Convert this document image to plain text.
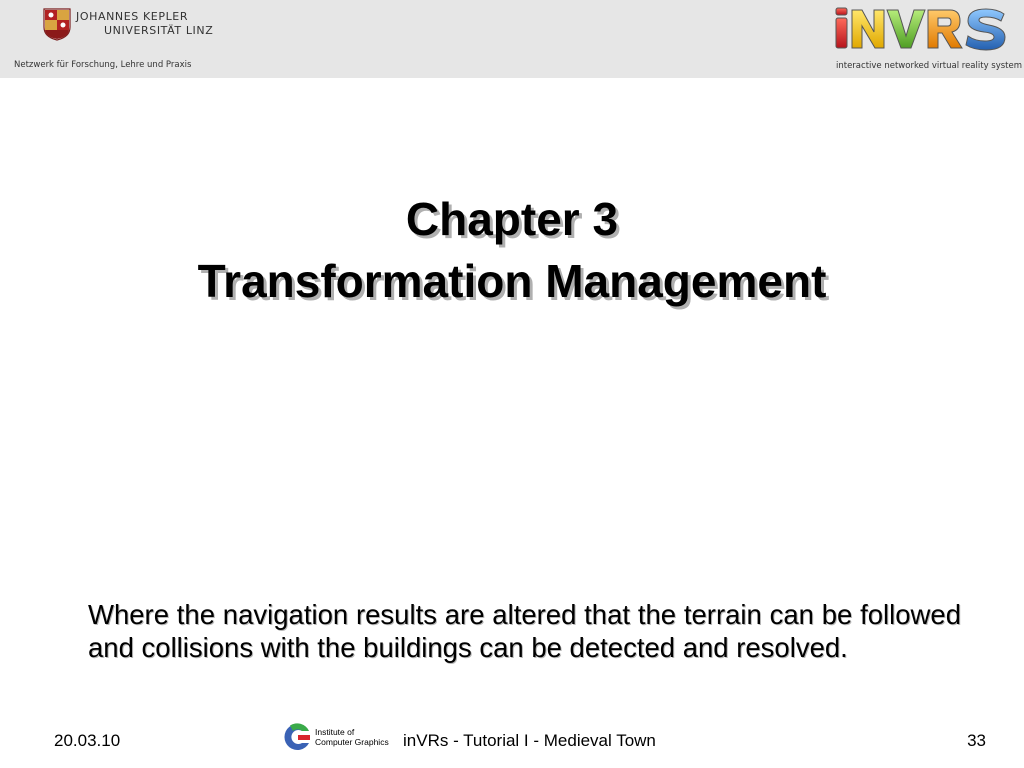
JOHANNES KEPLER
UNIVERSITÄT LINZ
Netzwerk für Forschung, Lehre und Praxis	interactive networked virtual reality system
Chapter 3
Transformation Management
Where the navigation results are altered that the terrain can be followed and collisions with the buildings can be detected and resolved.
20.03.10	Institute of
Computer Graphics inVRs - Tutorial I - Medieval Town	33
